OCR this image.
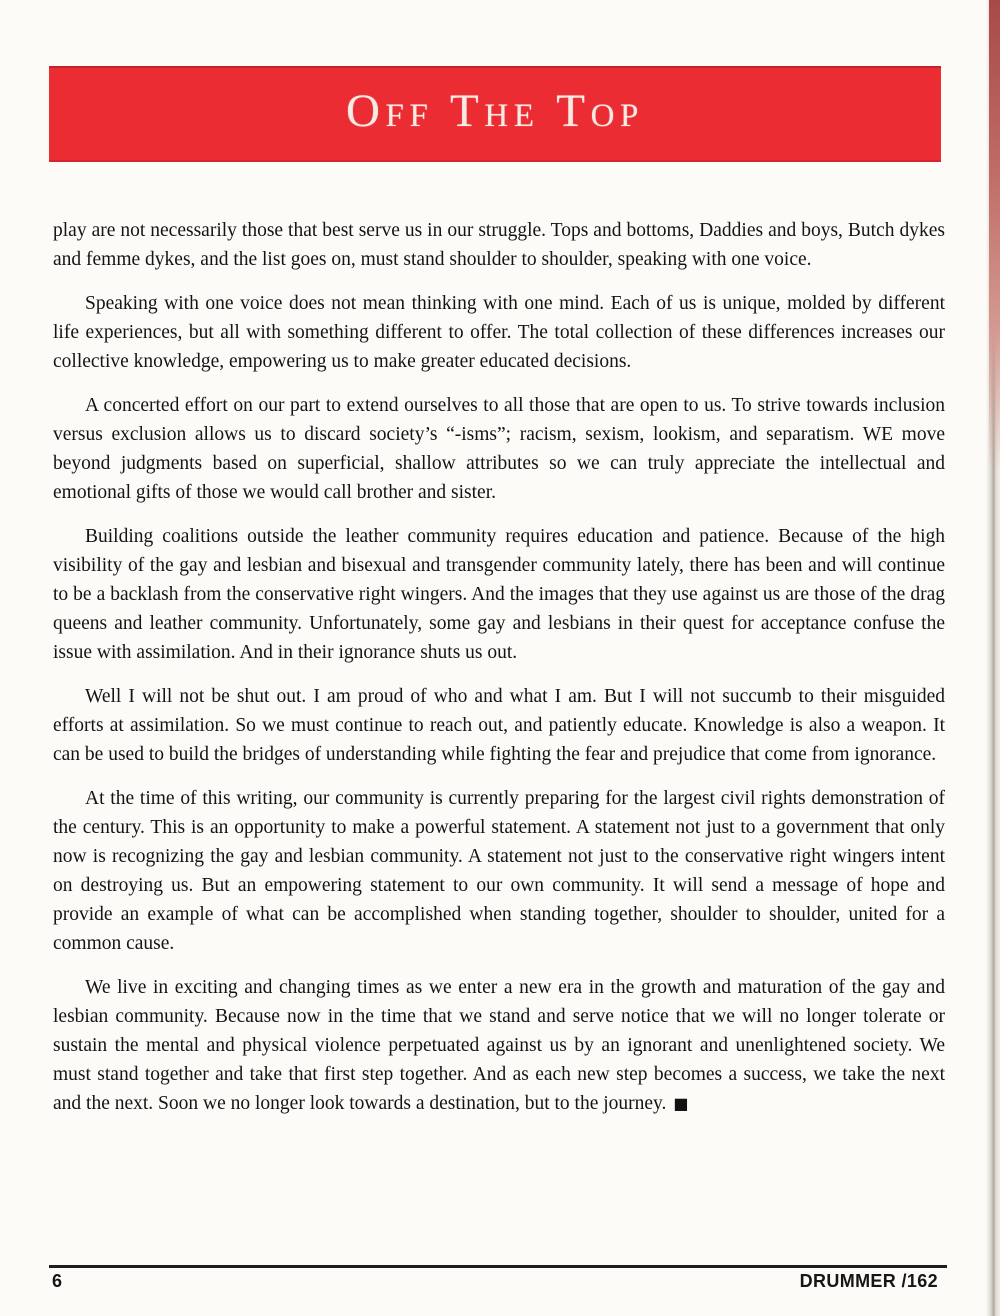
Off The Top

play are not necessarily those that best serve us in our struggle. Tops and bottoms, Daddies and boys, Butch dykes and femme dykes, and the list goes on, must stand shoulder to shoulder, speaking with one voice.

Speaking with one voice does not mean thinking with one mind. Each of us is unique, molded by different life experiences, but all with something different to offer. The total collection of these differences increases our collective knowledge, empowering us to make greater educated decisions.

A concerted effort on our part to extend ourselves to all those that are open to us. To strive towards inclusion versus exclusion allows us to discard society’s “-isms”; racism, sexism, lookism, and separatism. WE move beyond judgments based on superficial, shallow attributes so we can truly appreciate the intellectual and emotional gifts of those we would call brother and sister.

Building coalitions outside the leather community requires education and patience. Because of the high visibility of the gay and lesbian and bisexual and transgender community lately, there has been and will continue to be a backlash from the conservative right wingers. And the images that they use against us are those of the drag queens and leather community. Unfortunately, some gay and lesbians in their quest for acceptance confuse the issue with assimilation. And in their ignorance shuts us out.

Well I will not be shut out. I am proud of who and what I am. But I will not succumb to their misguided efforts at assimilation. So we must continue to reach out, and patiently educate. Knowledge is also a weapon. It can be used to build the bridges of understanding while fighting the fear and prejudice that come from ignorance.

At the time of this writing, our community is currently preparing for the largest civil rights demonstration of the century. This is an opportunity to make a powerful statement. A statement not just to a government that only now is recognizing the gay and lesbian community. A statement not just to the conservative right wingers intent on destroying us. But an empowering statement to our own community. It will send a message of hope and provide an example of what can be accomplished when standing together, shoulder to shoulder, united for a common cause.

We live in exciting and changing times as we enter a new era in the growth and maturation of the gay and lesbian community. Because now in the time that we stand and serve notice that we will no longer tolerate or sustain the mental and physical violence perpetuated against us by an ignorant and unenlightened society. We must stand together and take that first step together. And as each new step becomes a success, we take the next and the next. Soon we no longer look towards a destination, but to the journey. ■

6	DRUMMER /162
